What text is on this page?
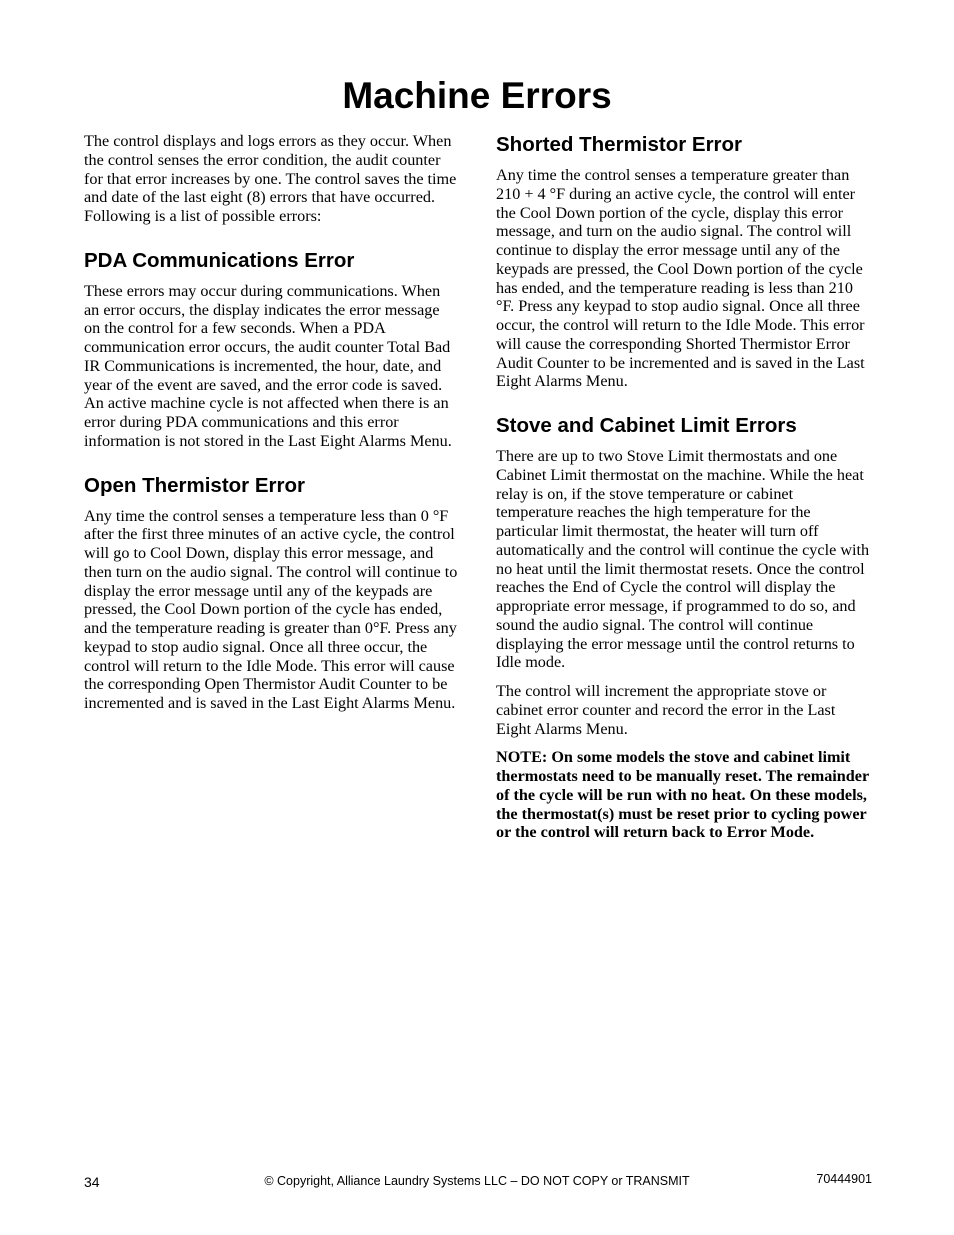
Machine Errors

The control displays and logs errors as they occur. When the control senses the error condition, the audit counter for that error increases by one. The control saves the time and date of the last eight (8) errors that have occurred. Following is a list of possible errors:

PDA Communications Error

These errors may occur during communications. When an error occurs, the display indicates the error message on the control for a few seconds. When a PDA communication error occurs, the audit counter Total Bad IR Communications is incremented, the hour, date, and year of the event are saved, and the error code is saved. An active machine cycle is not affected when there is an error during PDA communications and this error information is not stored in the Last Eight Alarms Menu.

Open Thermistor Error

Any time the control senses a temperature less than 0 °F after the first three minutes of an active cycle, the control will go to Cool Down, display this error message, and then turn on the audio signal. The control will continue to display the error message until any of the keypads are pressed, the Cool Down portion of the cycle has ended, and the temperature reading is greater than 0°F. Press any keypad to stop audio signal. Once all three occur, the control will return to the Idle Mode. This error will cause the corresponding Open Thermistor Audit Counter to be incremented and is saved in the Last Eight Alarms Menu.

Shorted Thermistor Error

Any time the control senses a temperature greater than 210 + 4 °F during an active cycle, the control will enter the Cool Down portion of the cycle, display this error message, and turn on the audio signal. The control will continue to display the error message until any of the keypads are pressed, the Cool Down portion of the cycle has ended, and the temperature reading is less than 210 °F. Press any keypad to stop audio signal. Once all three occur, the control will return to the Idle Mode. This error will cause the corresponding Shorted Thermistor Error Audit Counter to be incremented and is saved in the Last Eight Alarms Menu.

Stove and Cabinet Limit Errors

There are up to two Stove Limit thermostats and one Cabinet Limit thermostat on the machine. While the heat relay is on, if the stove temperature or cabinet temperature reaches the high temperature for the particular limit thermostat, the heater will turn off automatically and the control will continue the cycle with no heat until the limit thermostat resets. Once the control reaches the End of Cycle the control will display the appropriate error message, if programmed to do so, and sound the audio signal. The control will continue displaying the error message until the control returns to Idle mode.

The control will increment the appropriate stove or cabinet error counter and record the error in the Last Eight Alarms Menu.

NOTE: On some models the stove and cabinet limit thermostats need to be manually reset. The remainder of the cycle will be run with no heat. On these models, the thermostat(s) must be reset prior to cycling power or the control will return back to Error Mode.

34	© Copyright, Alliance Laundry Systems LLC – DO NOT COPY or TRANSMIT	70444901
